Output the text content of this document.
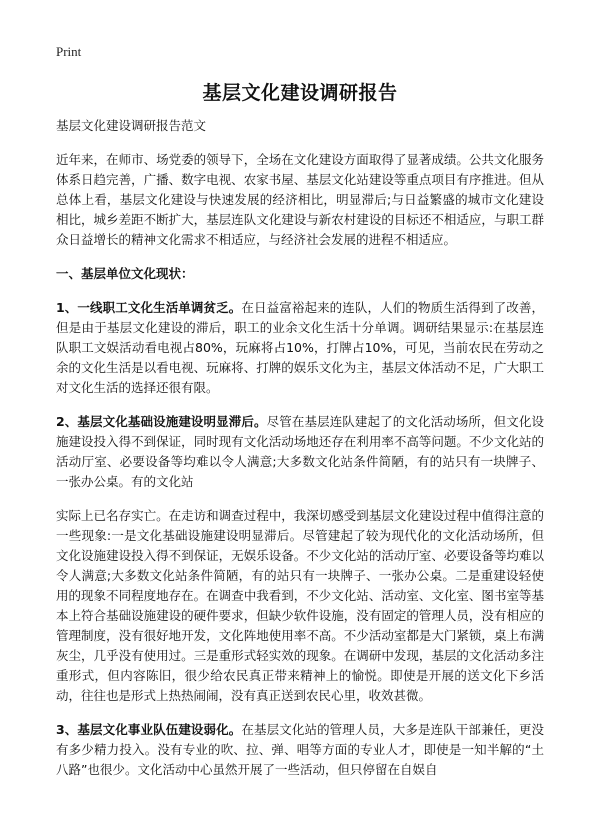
Print
基层文化建设调研报告

基层文化建设调研报告范文

近年来，在师市、场党委的领导下，全场在文化建设方面取得了显著成绩。公共文化服务体系日趋完善，广播、数字电视、农家书屋、基层文化站建设等重点项目有序推进。但从总体上看，基层文化建设与快速发展的经济相比，明显滞后;与日益繁盛的城市文化建设相比，城乡差距不断扩大，基层连队文化建设与新农村建设的目标还不相适应，与职工群众日益增长的精神文化需求不相适应，与经济社会发展的进程不相适应。

一、基层单位文化现状：

1、一线职工文化生活单调贫乏。在日益富裕起来的连队，人们的物质生活得到了改善，但是由于基层文化建设的滞后，职工的业余文化生活十分单调。调研结果显示:在基层连队职工文娱活动看电视占80%，玩麻将占10%，打牌占10%，可见，当前农民在劳动之余的文化生活是以看电视、玩麻将、打牌的娱乐文化为主，基层文体活动不足，广大职工对文化生活的选择还很有限。

2、基层文化基础设施建设明显滞后。尽管在基层连队建起了的文化活动场所，但文化设施建设投入得不到保证，同时现有文化活动场地还存在利用率不高等问题。不少文化站的活动厅室、必要设备等均难以令人满意;大多数文化站条件简陋，有的站只有一块牌子、一张办公桌。有的文化站

实际上已名存实亡。在走访和调查过程中，我深切感受到基层文化建设过程中值得注意的一些现象:一是文化基础设施建设明显滞后。尽管建起了较为现代化的文化活动场所，但文化设施建设投入得不到保证，无娱乐设备。不少文化站的活动厅室、必要设备等均难以令人满意;大多数文化站条件简陋，有的站只有一块牌子、一张办公桌。二是重建设轻使用的现象不同程度地存在。在调查中我看到，不少文化站、活动室、文化室、图书室等基本上符合基础设施建设的硬件要求，但缺少软件设施，没有固定的管理人员，没有相应的管理制度，没有很好地开发，文化阵地使用率不高。不少活动室都是大门紧锁，桌上布满灰尘，几乎没有使用过。三是重形式轻实效的现象。在调研中发现，基层的文化活动多注重形式，但内容陈旧，很少给农民真正带来精神上的愉悦。即使是开展的送文化下乡活动，往往也是形式上热热闹闹，没有真正送到农民心里，收效甚微。

3、基层文化事业队伍建设弱化。在基层文化站的管理人员，大多是连队干部兼任，更没有多少精力投入。没有专业的吹、拉、弹、唱等方面的专业人才，即使是一知半解的“土八路”也很少。文化活动中心虽然开展了一些活动，但只停留在自娱自
